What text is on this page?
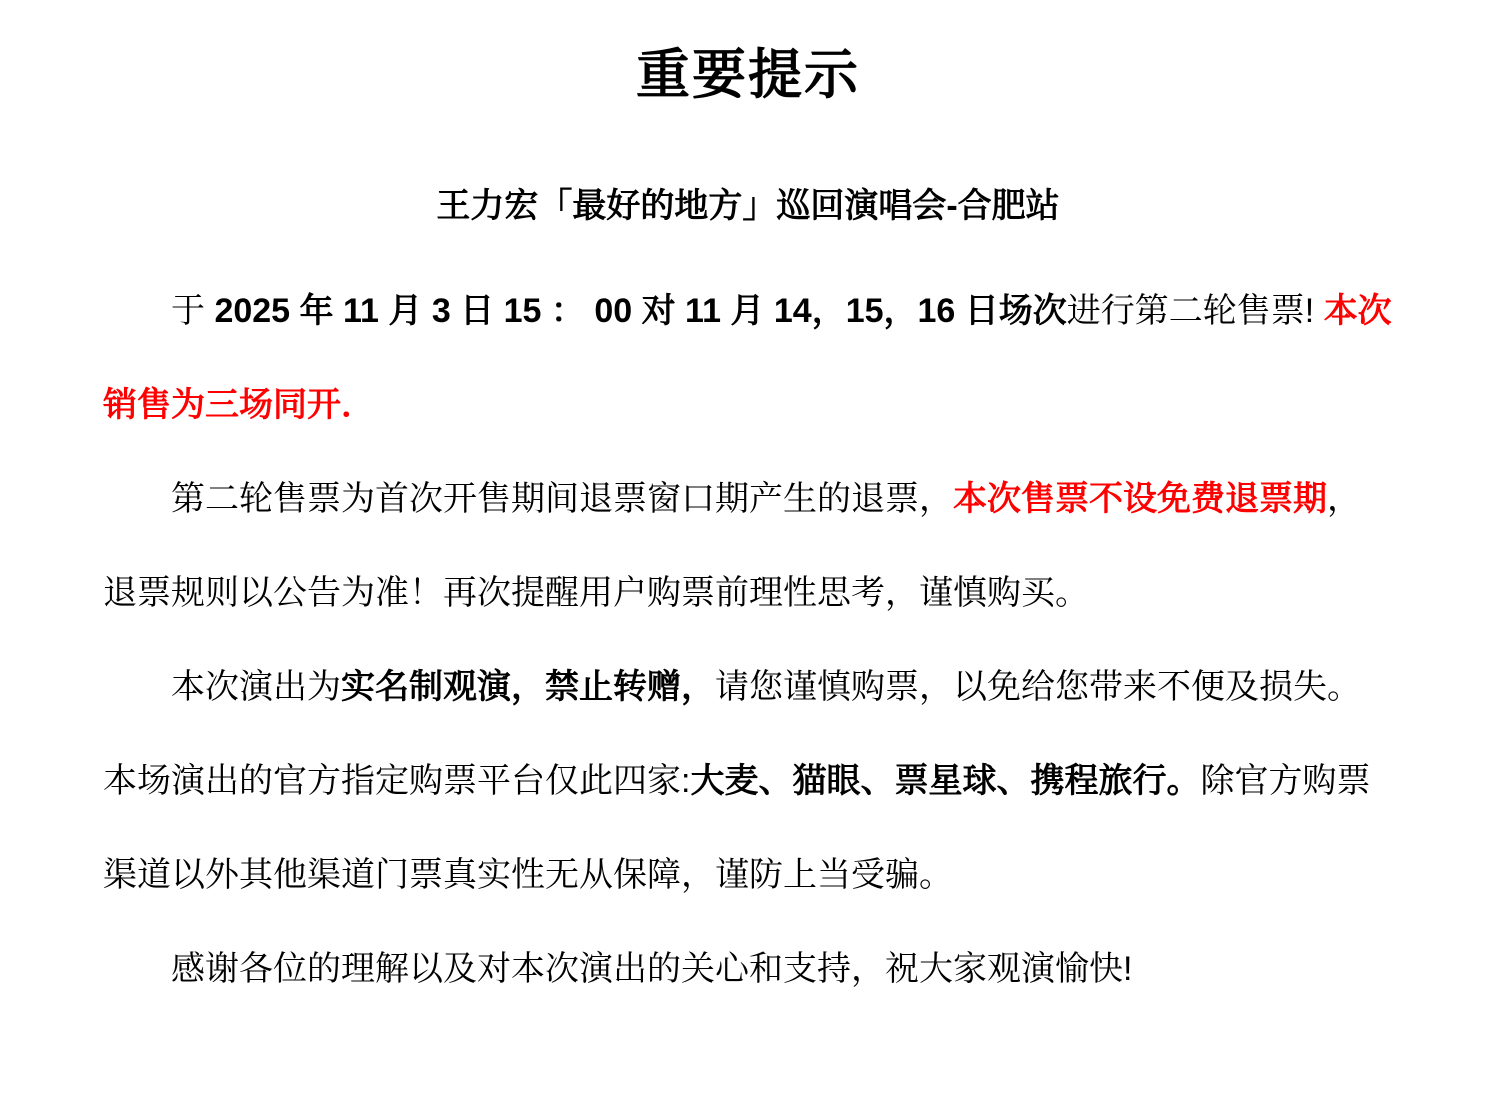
重要提示
王力宏「最好的地方」巡回演唱会-合肥站

于 2025 年 11 月 3 日 15 ： 00 对 11 月 14，15，16 日场次进行第二轮售票! 本次销售为三场同开．

第二轮售票为首次开售期间退票窗口期产生的退票，本次售票不设免费退票期，退票规则以公告为准！再次提醒用户购票前理性思考，谨慎购买。

本次演出为实名制观演，禁止转赠，请您谨慎购票，以免给您带来不便及损失。本场演出的官方指定购票平台仅此四家:大麦、猫眼、票星球、携程旅行。除官方购票渠道以外其他渠道门票真实性无从保障，谨防上当受骗。

感谢各位的理解以及对本次演出的关心和支持，祝大家观演愉快!
